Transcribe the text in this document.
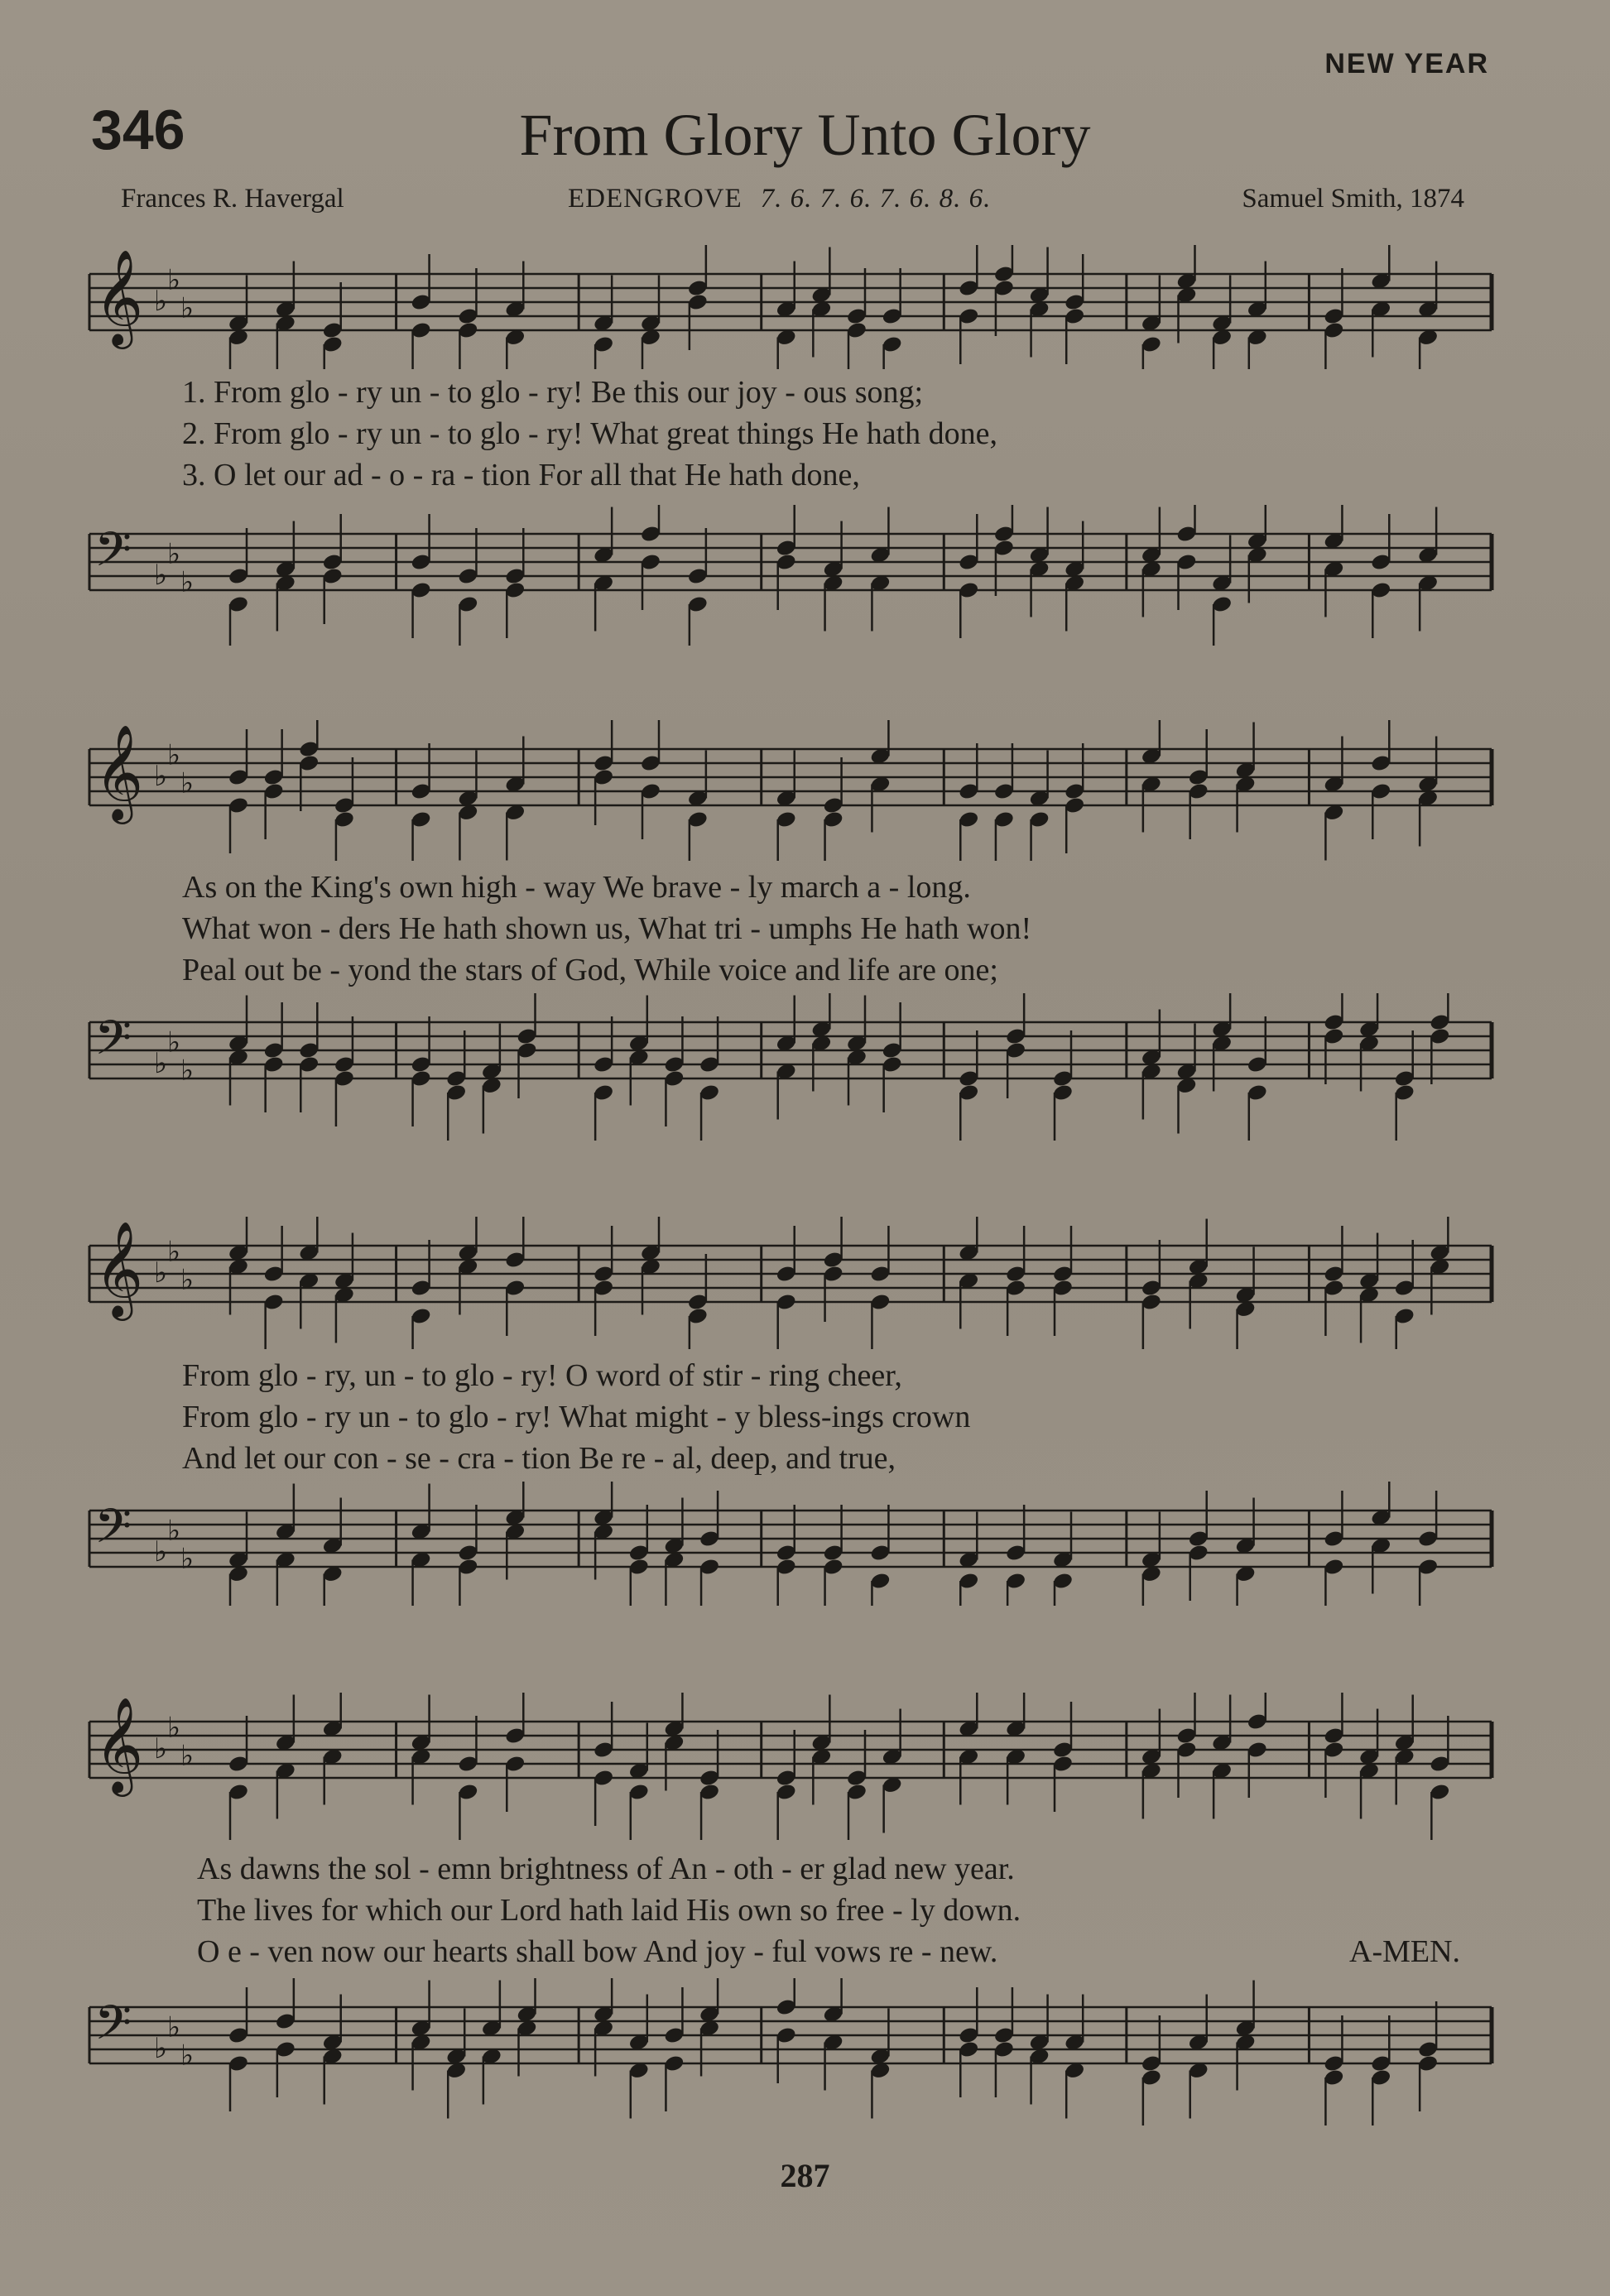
NEW YEAR
346	From Glory Unto Glory
Frances R. Havergal	EDENGROVE 7. 6. 7. 6. 7. 6. 8. 6.	Samuel Smith, 1874
𝄞 ♭
♭
♭
1. From glo - ry un - to glo - ry! Be this our joy - ous song;
2. From glo - ry un - to glo - ry! What great things He hath done,
3. O let our ad - o - ra - tion For all that He hath done,
𝄢 ♭
♭
♭
𝄞 ♭
♭
♭
As on the King's own high - way We brave - ly march a - long.
What won - ders He hath shown us, What tri - umphs He hath won!
Peal out be - yond the stars of God, While voice and life are one;
𝄢 ♭
♭
♭
𝄞 ♭
♭
♭
From glo - ry, un - to glo - ry! O word of stir - ring cheer,
From glo - ry un - to glo - ry! What might - y bless-ings crown
And let our con - se - cra - tion Be re - al, deep, and true,
𝄢 ♭
♭
♭
𝄞 ♭
♭
♭
As dawns the sol - emn brightness of An - oth - er glad new year.
The lives for which our Lord hath laid His own so free - ly down.
O e - ven now our hearts shall bow And joy - ful vows re - new.	A-MEN.
𝄢 ♭
♭
♭
287
